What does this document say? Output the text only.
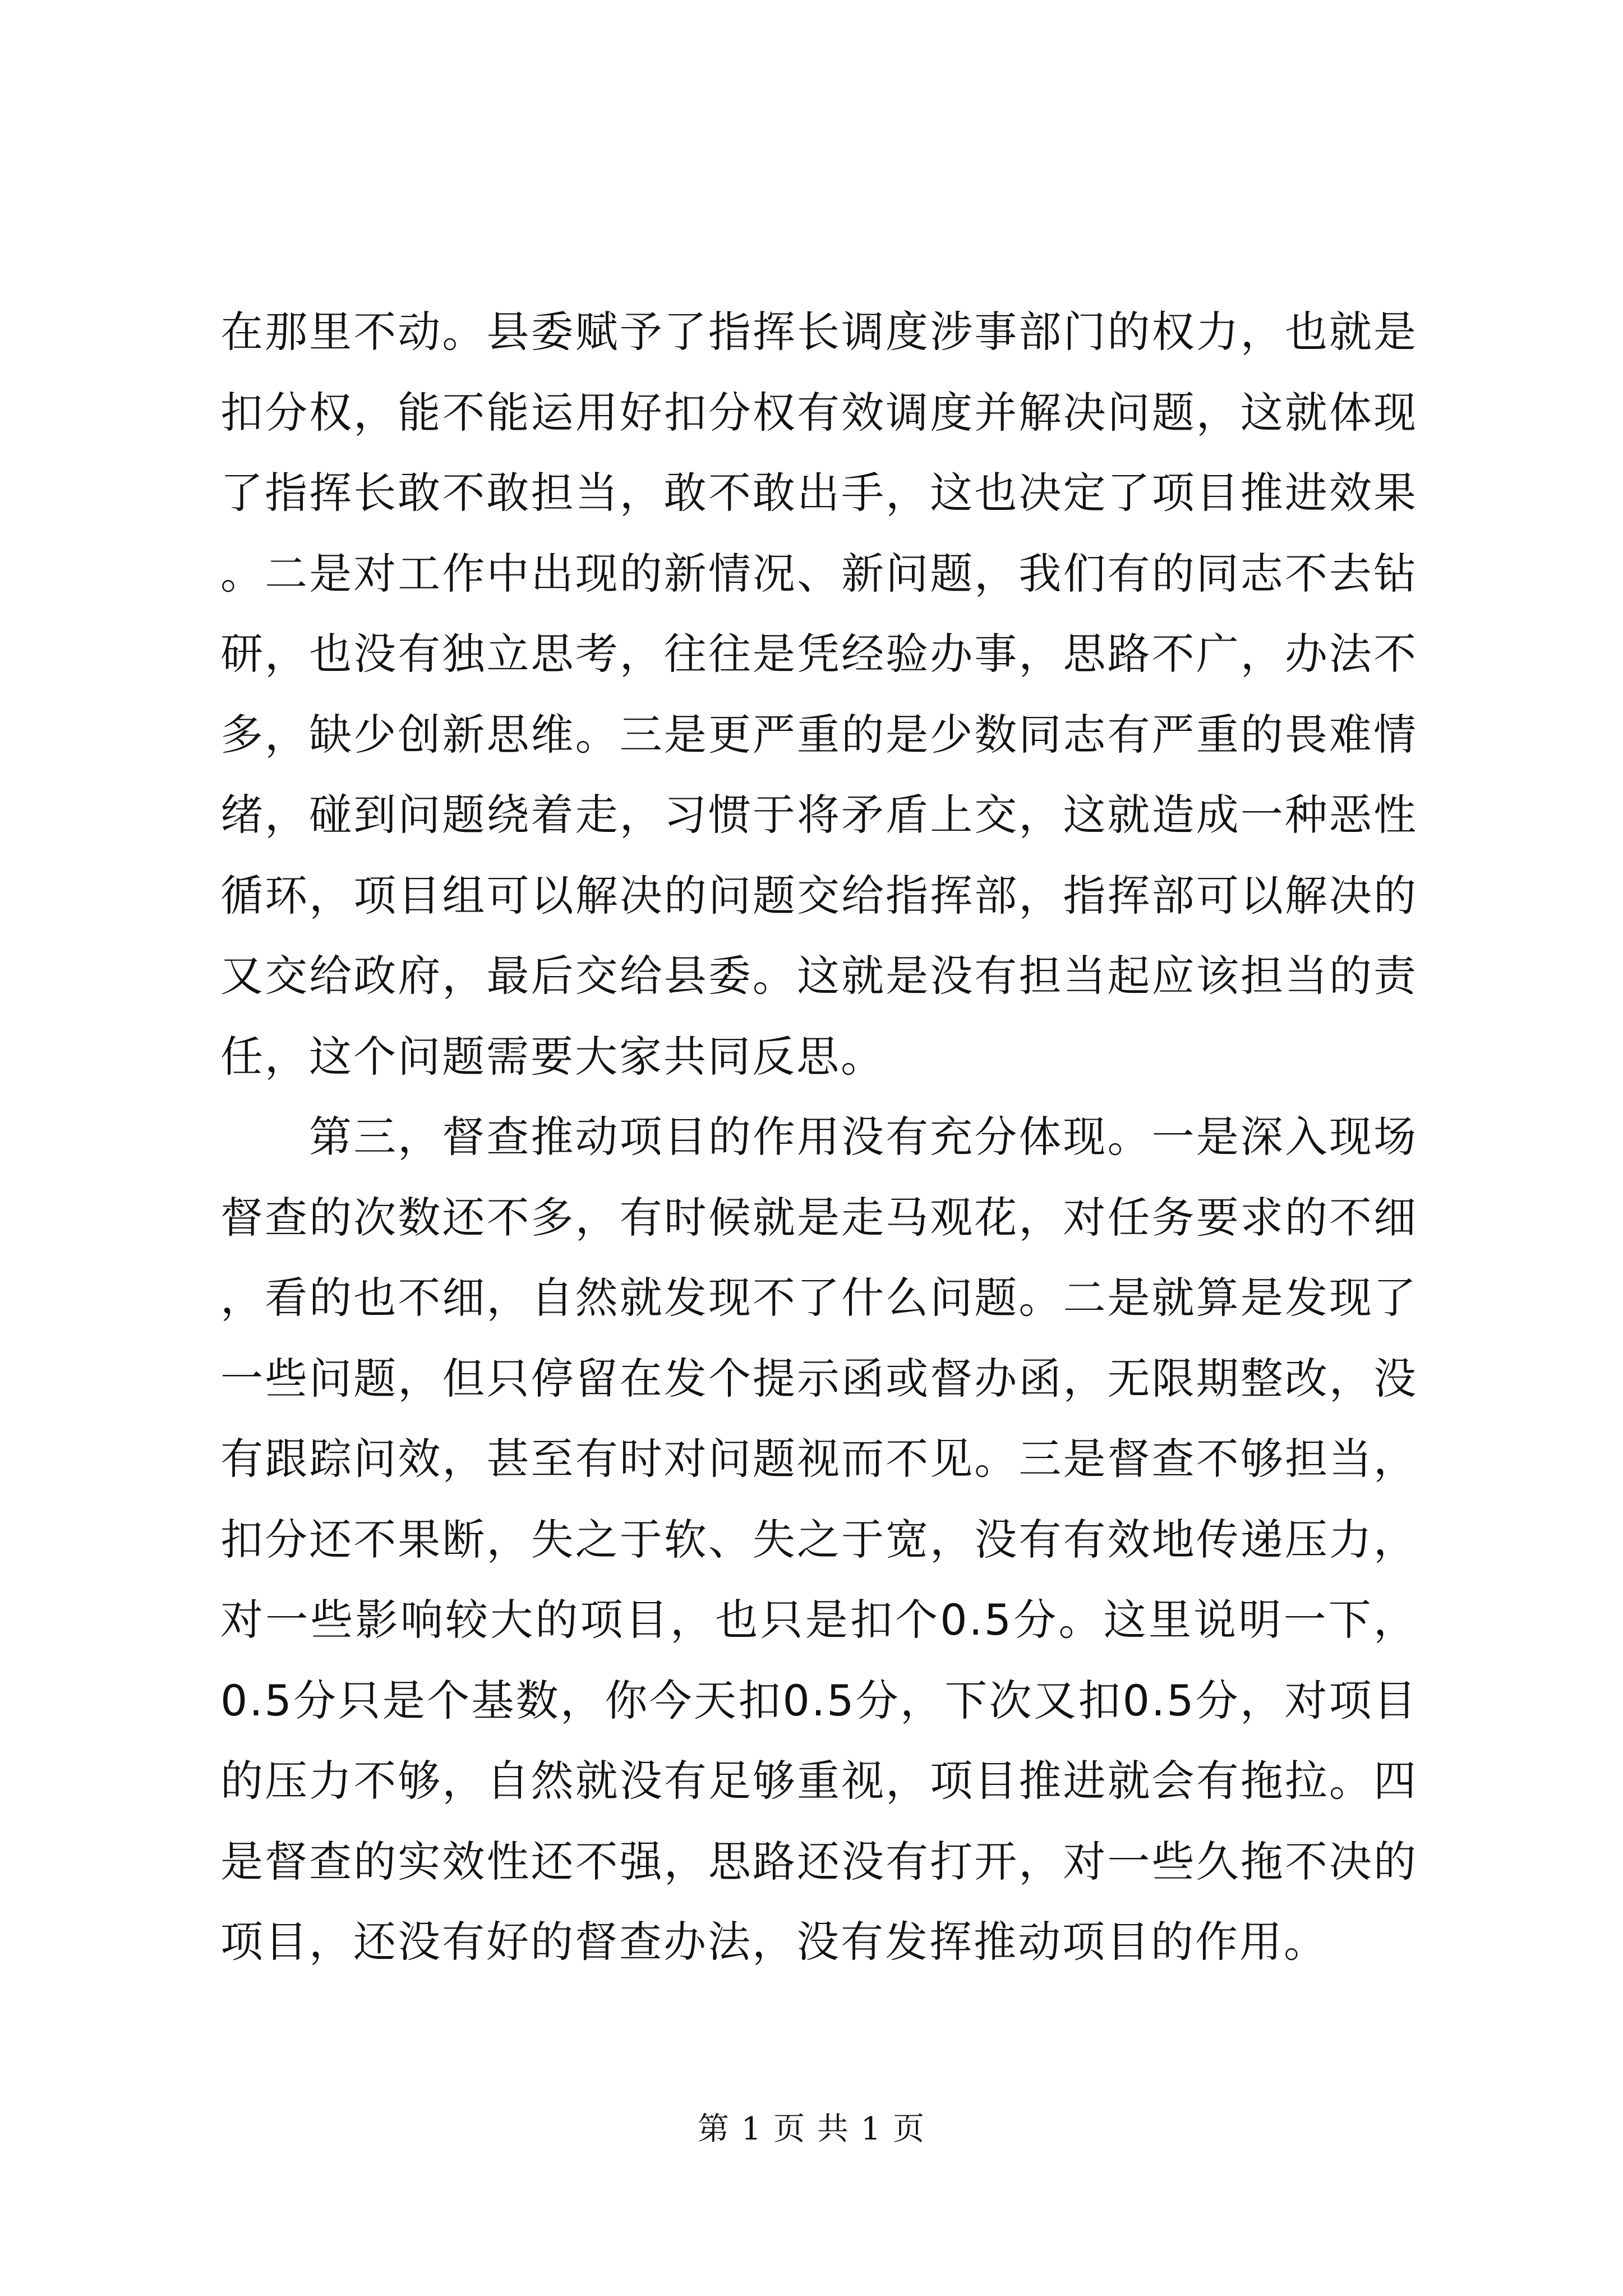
在那里不动。县委赋予了指挥长调度涉事部门的权力，也就是扣分权，能不能运用好扣分权有效调度并解决问题，这就体现了指挥长敢不敢担当，敢不敢出手，这也决定了项目推进效果。二是对工作中出现的新情况、新问题，我们有的同志不去钻研，也没有独立思考，往往是凭经验办事，思路不广，办法不多，缺少创新思维。三是更严重的是少数同志有严重的畏难情绪，碰到问题绕着走，习惯于将矛盾上交，这就造成一种恶性循环，项目组可以解决的问题交给指挥部，指挥部可以解决的又交给政府，最后交给县委。这就是没有担当起应该担当的责任，这个问题需要大家共同反思。

第三，督查推动项目的作用没有充分体现。一是深入现场督查的次数还不多，有时候就是走马观花，对任务要求的不细，看的也不细，自然就发现不了什么问题。二是就算是发现了一些问题，但只停留在发个提示函或督办函，无限期整改，没有跟踪问效，甚至有时对问题视而不见。三是督查不够担当，扣分还不果断，失之于软、失之于宽，没有有效地传递压力，对一些影响较大的项目，也只是扣个0.5分。这里说明一下，0.5分只是个基数，你今天扣0.5分，下次又扣0.5分，对项目的压力不够，自然就没有足够重视，项目推进就会有拖拉。四是督查的实效性还不强，思路还没有打开，对一些久拖不决的项目，还没有好的督查办法，没有发挥推动项目的作用。

第 1 页 共 1 页
